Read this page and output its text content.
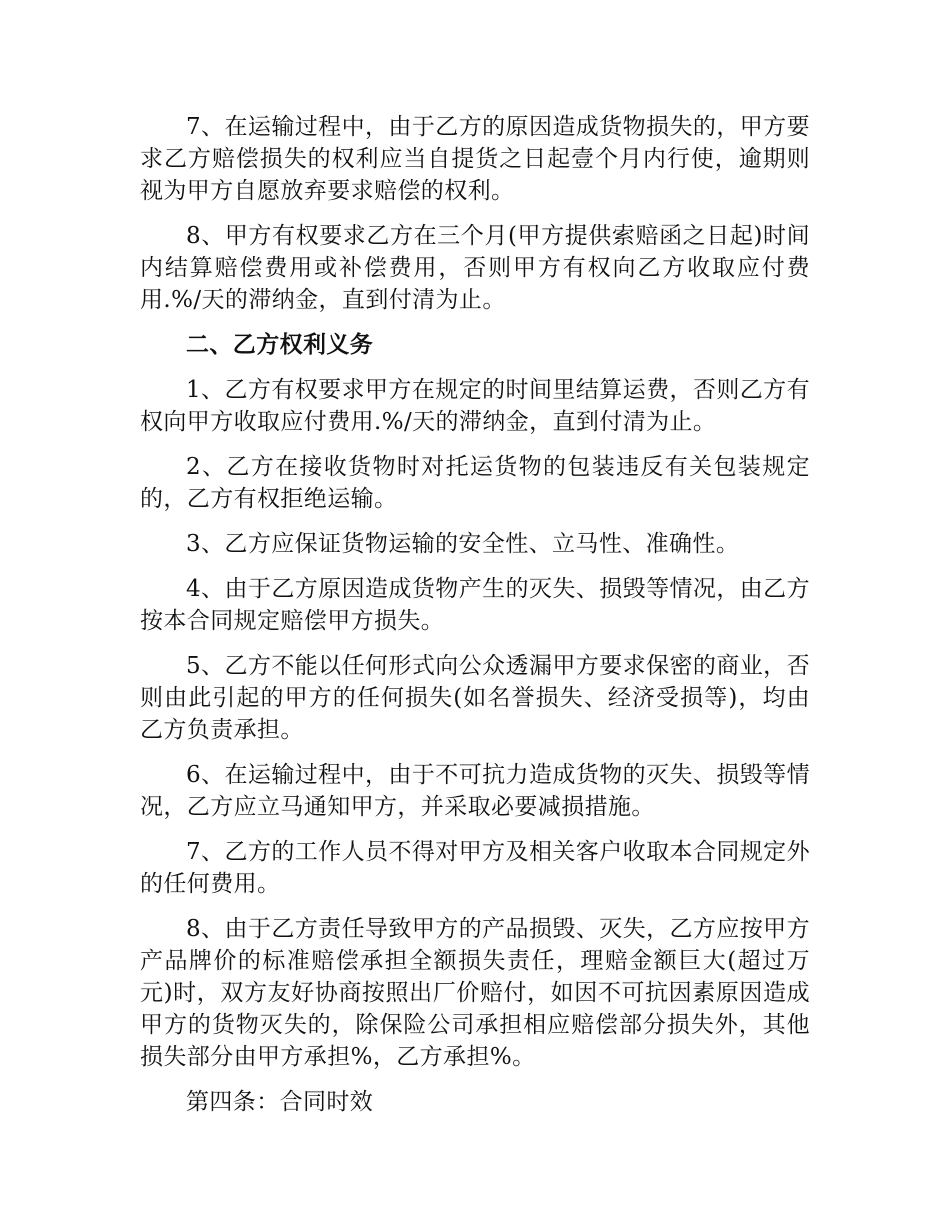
7、在运输过程中，由于乙方的原因造成货物损失的，甲方要求乙方赔偿损失的权利应当自提货之日起壹个月内行使，逾期则视为甲方自愿放弃要求赔偿的权利。

8、甲方有权要求乙方在三个月(甲方提供索赔函之日起)时间内结算赔偿费用或补偿费用，否则甲方有权向乙方收取应付费用.%/天的滞纳金，直到付清为止。

二、乙方权利义务

1、乙方有权要求甲方在规定的时间里结算运费，否则乙方有权向甲方收取应付费用.%/天的滞纳金，直到付清为止。

2、乙方在接收货物时对托运货物的包装违反有关包装规定的，乙方有权拒绝运输。

3、乙方应保证货物运输的安全性、立马性、准确性。

4、由于乙方原因造成货物产生的灭失、损毁等情况，由乙方按本合同规定赔偿甲方损失。

5、乙方不能以任何形式向公众透漏甲方要求保密的商业，否则由此引起的甲方的任何损失(如名誉损失、经济受损等)，均由乙方负责承担。

6、在运输过程中，由于不可抗力造成货物的灭失、损毁等情况，乙方应立马通知甲方，并采取必要减损措施。

7、乙方的工作人员不得对甲方及相关客户收取本合同规定外的任何费用。

8、由于乙方责任导致甲方的产品损毁、灭失，乙方应按甲方产品牌价的标准赔偿承担全额损失责任，理赔金额巨大(超过万元)时，双方友好协商按照出厂价赔付，如因不可抗因素原因造成甲方的货物灭失的，除保险公司承担相应赔偿部分损失外，其他损失部分由甲方承担%，乙方承担%。

第四条：合同时效
